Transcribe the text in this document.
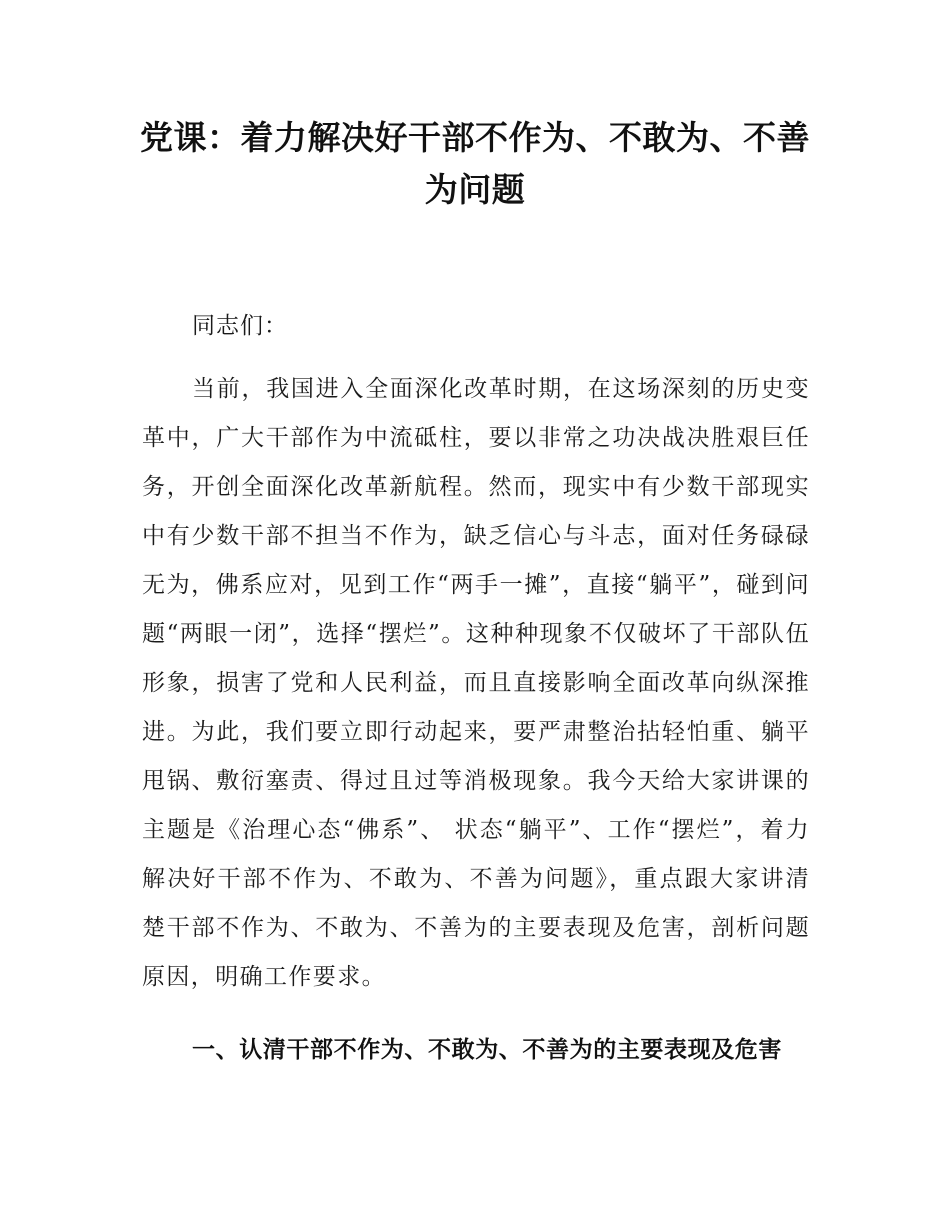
党课：着力解决好干部不作为、不敢为、不善为问题

同志们：

当前，我国进入全面深化改革时期，在这场深刻的历史变革中，广大干部作为中流砥柱，要以非常之功决战决胜艰巨任务，开创全面深化改革新航程。然而，现实中有少数干部现实中有少数干部不担当不作为，缺乏信心与斗志，面对任务碌碌无为，佛系应对，见到工作“两手一摊”，直接“躺平”，碰到问题“两眼一闭”，选择“摆烂”。这种种现象不仅破坏了干部队伍形象，损害了党和人民利益，而且直接影响全面改革向纵深推进。为此，我们要立即行动起来，要严肃整治拈轻怕重、躺平甩锅、敷衍塞责、得过且过等消极现象。我今天给大家讲课的主题是《治理心态“佛系”、 状态“躺平”、工作“摆烂”，着力解决好干部不作为、不敢为、不善为问题》，重点跟大家讲清楚干部不作为、不敢为、不善为的主要表现及危害，剖析问题原因，明确工作要求。

一、认清干部不作为、不敢为、不善为的主要表现及危害
